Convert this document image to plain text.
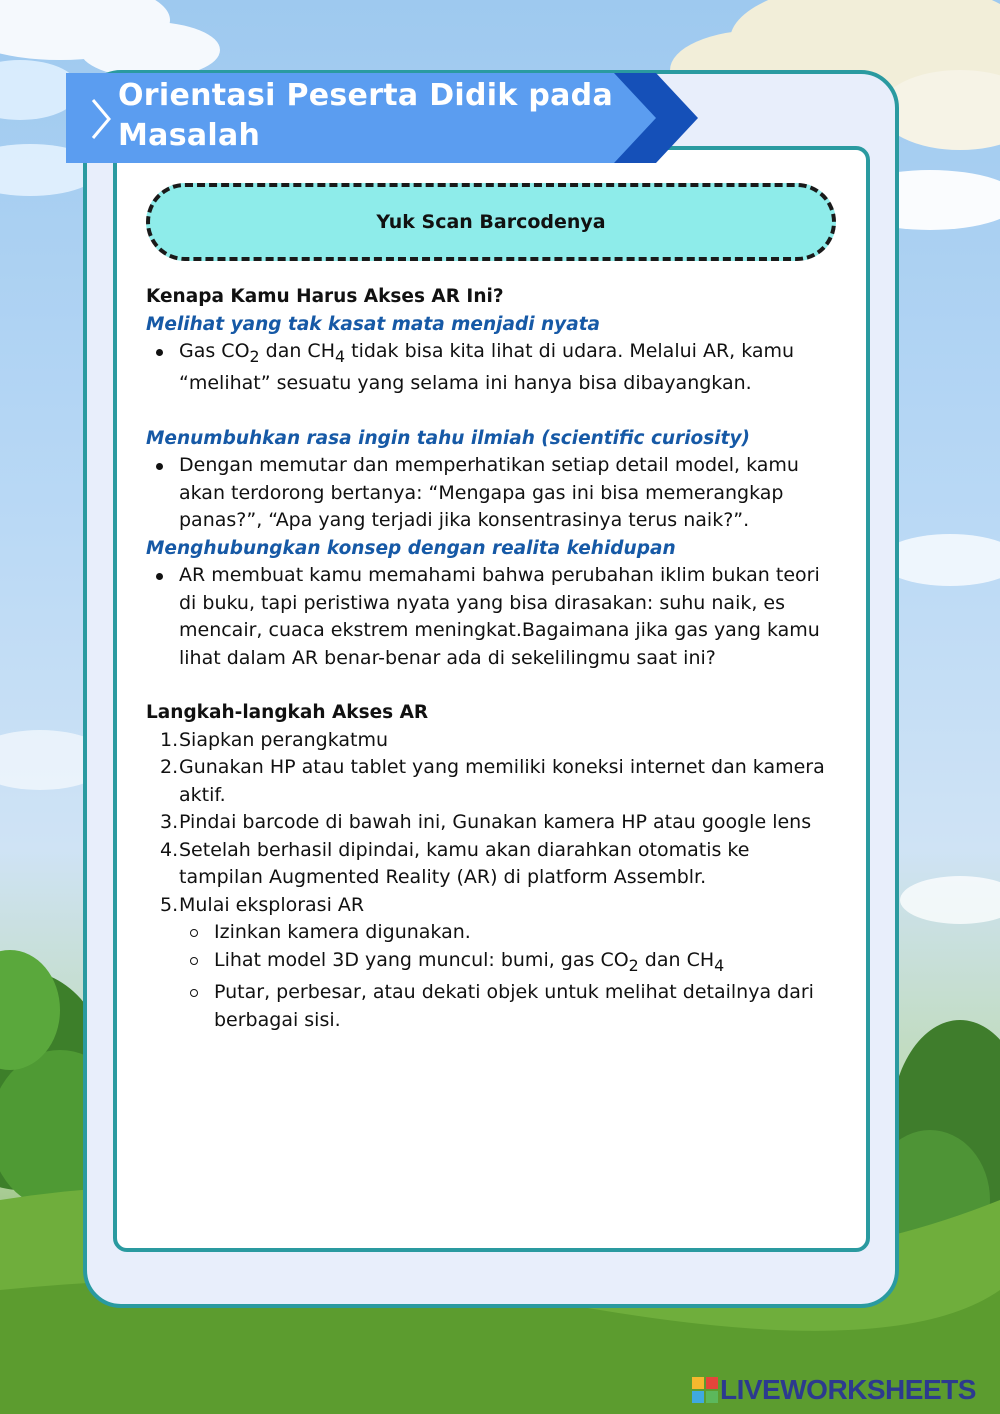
Orientasi Peserta Didik pada Masalah
Yuk Scan Barcodenya

Kenapa Kamu Harus Akses AR Ini?

Melihat yang tak kasat mata menjadi nyata

Gas $CO_2$ dan $CH_4$ tidak bisa kita lihat di udara. Melalui AR, kamu “melihat” sesuatu yang selama ini hanya bisa dibayangkan.

Menumbuhkan rasa ingin tahu ilmiah (scientific curiosity)

Dengan memutar dan memperhatikan setiap detail model, kamu akan terdorong bertanya: “Mengapa gas ini bisa memerangkap panas?”, “Apa yang terjadi jika konsentrasinya terus naik?”.

Menghubungkan konsep dengan realita kehidupan

AR membuat kamu memahami bahwa perubahan iklim bukan teori di buku, tapi peristiwa nyata yang bisa dirasakan: suhu naik, es mencair, cuaca ekstrem meningkat.Bagaimana jika gas yang kamu lihat dalam AR benar-benar ada di sekelilingmu saat ini?

Langkah-langkah Akses AR

1. Siapkan perangkatmu
2. Gunakan HP atau tablet yang memiliki koneksi internet dan kamera aktif.
3. Pindai barcode di bawah ini, Gunakan kamera HP atau google lens
4. Setelah berhasil dipindai, kamu akan diarahkan otomatis ke tampilan Augmented Reality (AR) di platform Assemblr.
5. Mulai eksplorasi AR
Izinkan kamera digunakan.
Lihat model 3D yang muncul: bumi, gas $CO_2$ dan $CH_4$
Putar, perbesar, atau dekati objek untuk melihat detailnya dari berbagai sisi.
LIVEWORKSHEETS
